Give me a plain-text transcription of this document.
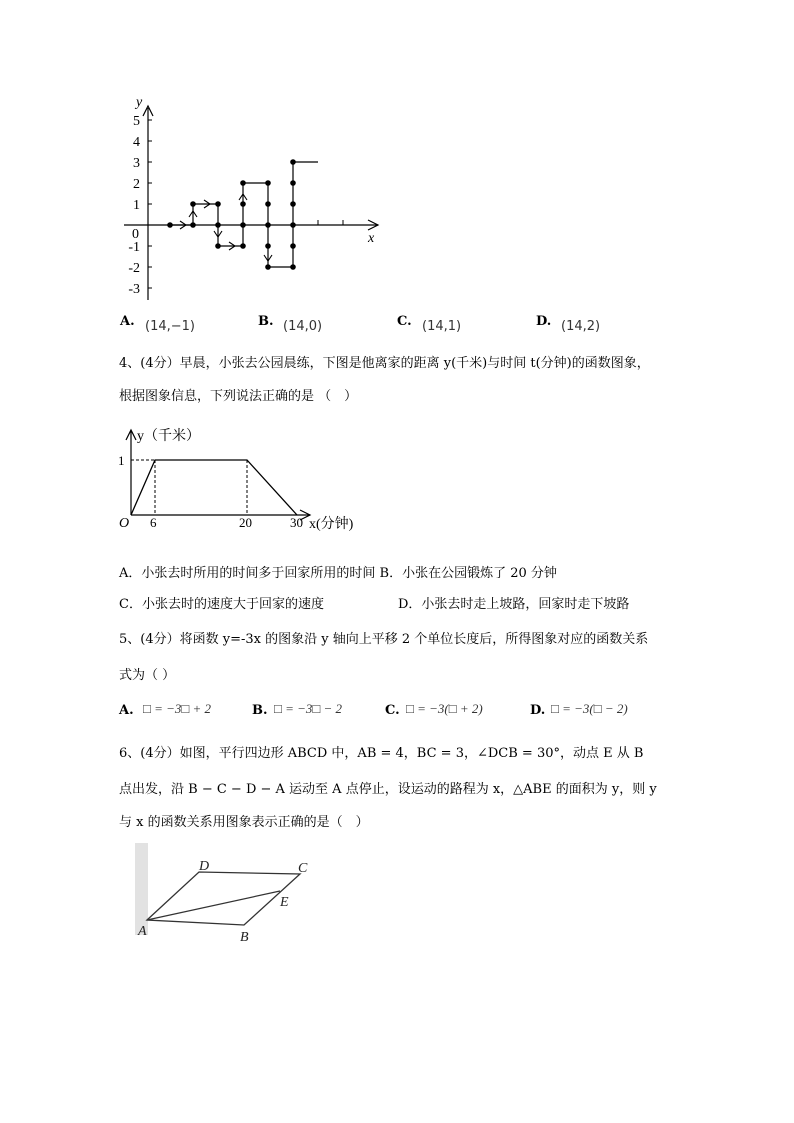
y
x
0
5
4
3
2
1
-1
-2
-3
A. (14,−1)	B. (14,0)	C. (14,1)	D. (14,2)
4、(4分）早晨，小张去公园晨练，下图是他离家的距离 y(千米)与时间 t(分钟)的函数图象，
根据图象信息，下列说法正确的是 （　）
y（千米）
1
O 6	20	30 x(分钟)
A．小张去时所用的时间多于回家所用的时间 B．小张在公园锻炼了 20 分钟
C．小张去时的速度大于回家的速度	D．小张去时走上坡路，回家时走下坡路
5、(4分）将函数 y=-3x 的图象沿 y 轴向上平移 2 个单位长度后，所得图象对应的函数关系
式为（ ）
A. □ = −3□ + 2	B. □ = −3□ − 2	C. □ = −3(□ + 2)	D. □ = −3(□ − 2)
6、(4分）如图，平行四边形 ABCD 中，AB = 4，BC = 3，∠DCB = 30°，动点 E 从 B
点出发，沿 B − C − D − A 运动至 A 点停止，设运动的路程为 x，△ABE 的面积为 y，则 y
与 x 的函数关系用图象表示正确的是（　）
A	B
C
D
E
